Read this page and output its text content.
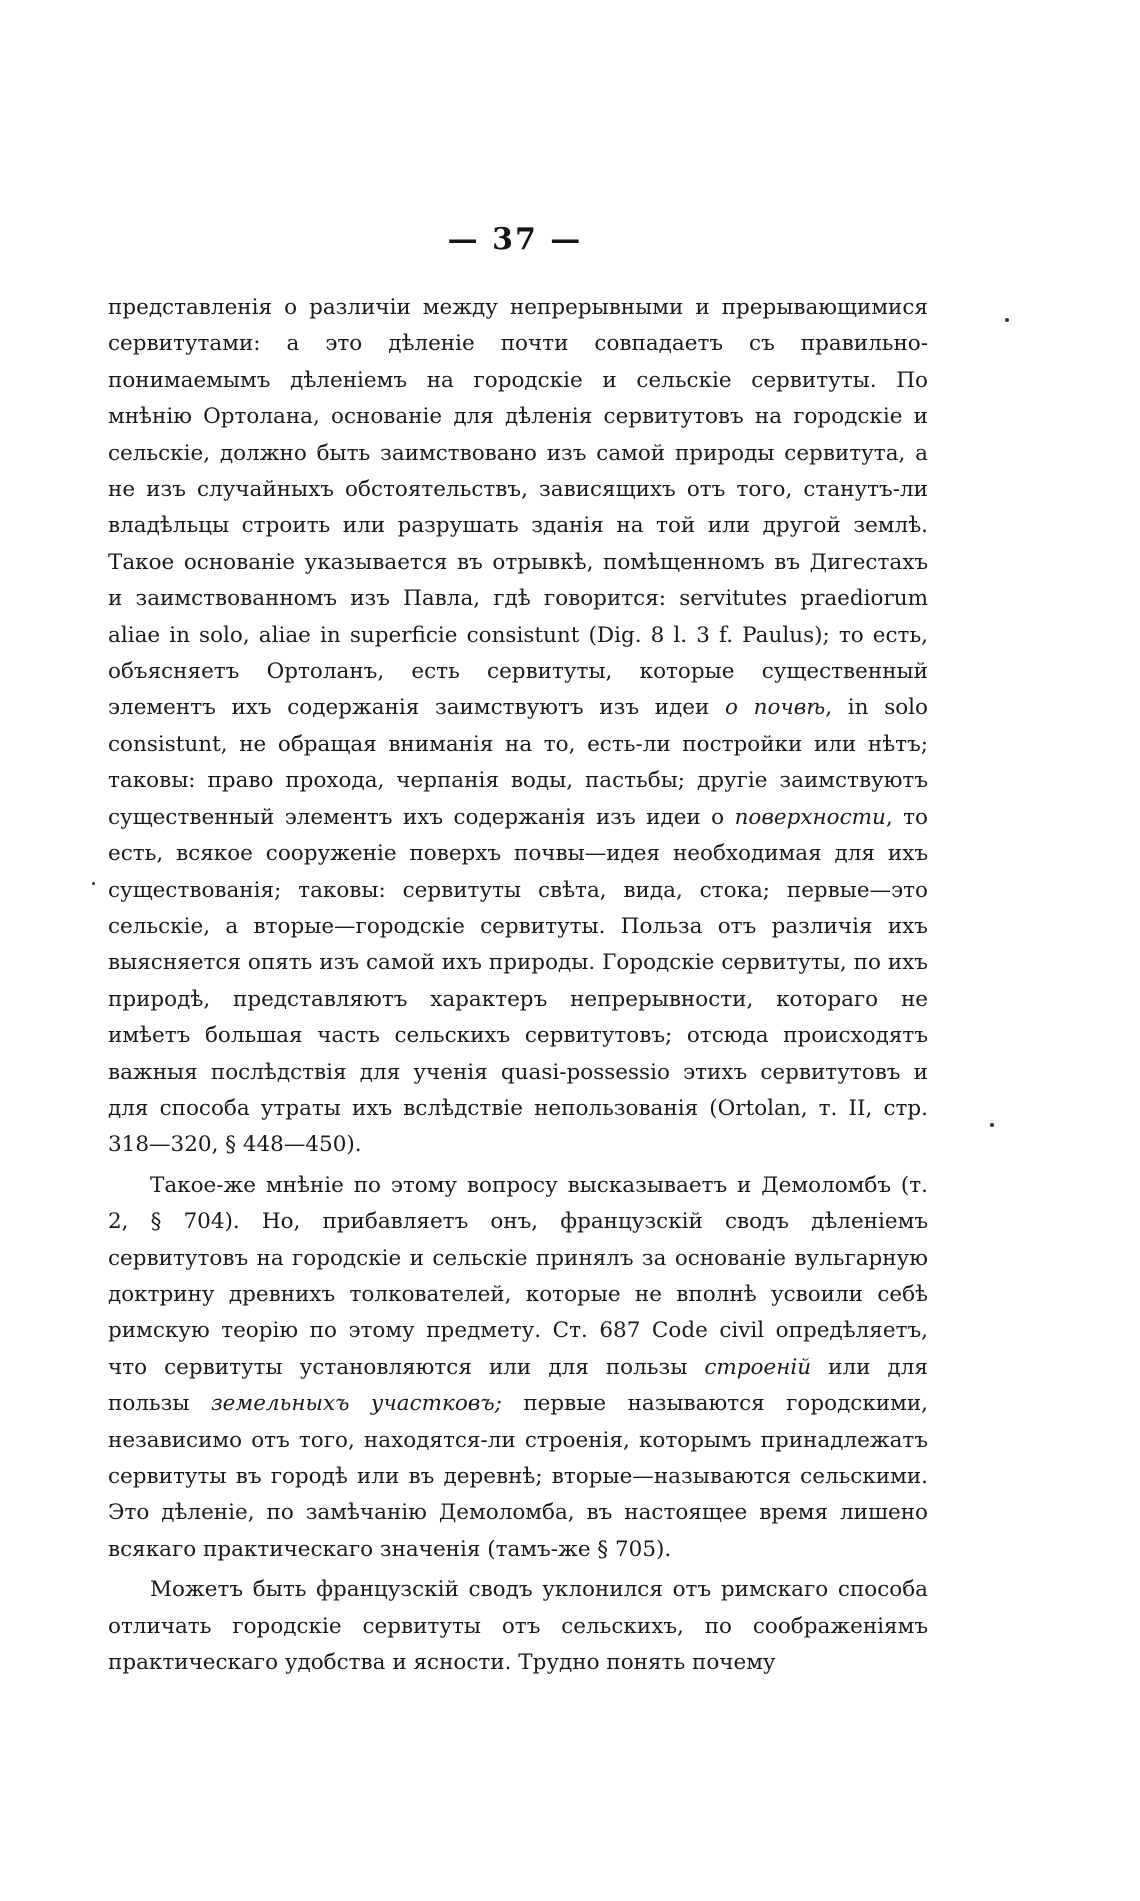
— 37 —

представленія о различіи между непрерывными и прерывающимися сервитутами: а это дѣленіе почти совпадаетъ съ правильно-понимаемымъ дѣленіемъ на городскіе и сельскіе сервитуты. По мнѣнію Ортолана, основаніе для дѣленія сервитутовъ на городскіе и сельскіе, должно быть заимствовано изъ самой природы сервитута, а не изъ случайныхъ обстоятельствъ, зависящихъ отъ того, станутъ-ли владѣльцы строить или разрушать зданія на той или другой землѣ. Такое основаніе указывается въ отрывкѣ, помѣщенномъ въ Дигестахъ и заимствованномъ изъ Павла, гдѣ говорится: servitutes praediorum aliae in solo, aliae in superficie consistunt (Dig. 8 l. 3 f. Paulus); то есть, объясняетъ Ортоланъ, есть сервитуты, которые существенный элементъ ихъ содержанія заимствуютъ изъ идеи о почвѣ, in solo consistunt, не обращая вниманія на то, есть-ли постройки или нѣтъ; таковы: право прохода, черпанія воды, пастьбы; другіе заимствуютъ существенный элементъ ихъ содержанія изъ идеи о поверхности, то есть, всякое сооруженіе поверхъ почвы—идея необходимая для ихъ существованія; таковы: сервитуты свѣта, вида, стока; первые—это сельскіе, а вторые—городскіе сервитуты. Польза отъ различія ихъ выясняется опять изъ самой ихъ природы. Городскіе сервитуты, по ихъ природѣ, представляютъ характеръ непрерывности, котораго не имѣетъ большая часть сельскихъ сервитутовъ; отсюда происходятъ важныя послѣдствія для ученія quasi-possessio этихъ сервитутовъ и для способа утраты ихъ вслѣдствіе непользованія (Ortolan, т. II, стр. 318—320, § 448—450).

Такое-же мнѣніе по этому вопросу высказываетъ и Демоломбъ (т. 2, § 704). Но, прибавляетъ онъ, французскій сводъ дѣленіемъ сервитутовъ на городскіе и сельскіе принялъ за основаніе вульгарную доктрину древнихъ толкователей, которые не вполнѣ усвоили себѣ римскую теорію по этому предмету. Ст. 687 Code civil опредѣляетъ, что сервитуты установляются или для пользы строеній или для пользы земельныхъ участковъ; первые называются городскими, независимо отъ того, находятся-ли строенія, которымъ принадлежатъ сервитуты въ городѣ или въ деревнѣ; вторые—называются сельскими. Это дѣленіе, по замѣчанію Демоломба, въ настоящее время лишено всякаго практическаго значенія (тамъ-же § 705).

Можетъ быть французскій сводъ уклонился отъ римскаго способа отличать городскіе сервитуты отъ сельскихъ, по соображеніямъ практическаго удобства и ясности. Трудно понять почему
